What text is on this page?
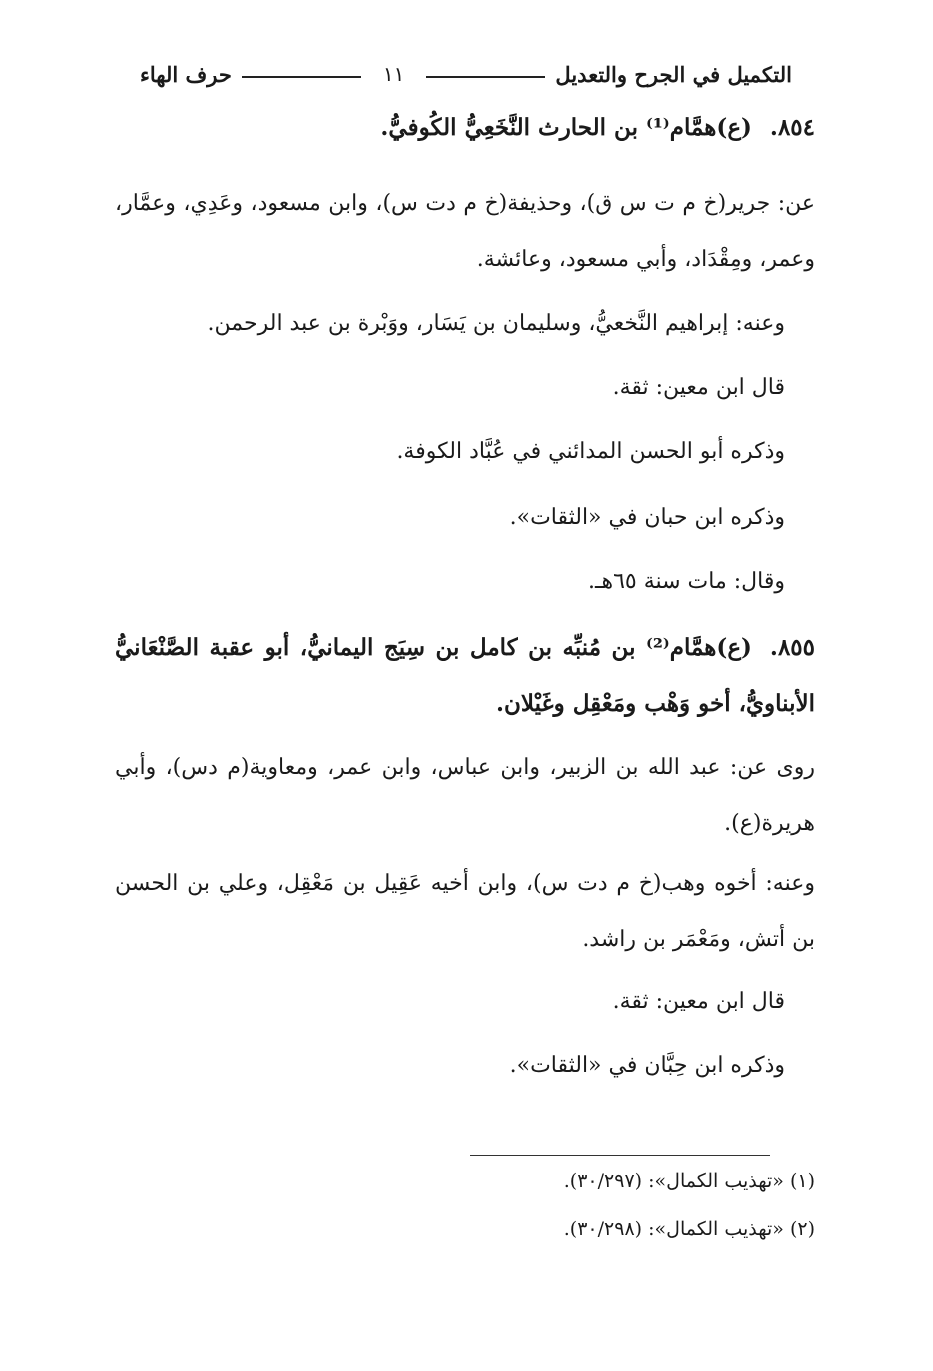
التكميل في الجرح والتعديل
١١
حرف الهاء
٨٥٤.(ع)همَّام⁽¹⁾ بن الحارث النَّخَعِيُّ الكُوفيُّ.
عن: جرير(خ م ت س ق)، وحذيفة(خ م دت س)، وابن مسعود، وعَدِي، وعمَّار، وعمر، ومِقْدَاد، وأبي مسعود، وعائشة.
وعنه: إبراهيم النَّخعيُّ، وسليمان بن يَسَار، ووَبْرة بن عبد الرحمن.
قال ابن معين: ثقة.
وذكره أبو الحسن المدائني في عُبَّاد الكوفة.
وذكره ابن حبان في «الثقات».
وقال: مات سنة ٦٥هـ.
٨٥٥.(ع)همَّام⁽²⁾ بن مُنبِّه بن كامل بن سِيَج اليمانيُّ، أبو عقبة الصَّنْعَانيُّ الأبناويُّ، أخو وَهْب ومَعْقِل وغَيْلان.
روى عن: عبد الله بن الزبير، وابن عباس، وابن عمر، ومعاوية(م دس)، وأبي هريرة(ع).
وعنه: أخوه وهب(خ م دت س)، وابن أخيه عَقِيل بن مَعْقِل، وعلي بن الحسن بن أتش، ومَعْمَر بن راشد.
قال ابن معين: ثقة.
وذكره ابن حِبَّان في «الثقات».
(١) «تهذيب الكمال»: (٣٠/٢٩٧).
(٢) «تهذيب الكمال»: (٣٠/٢٩٨).
